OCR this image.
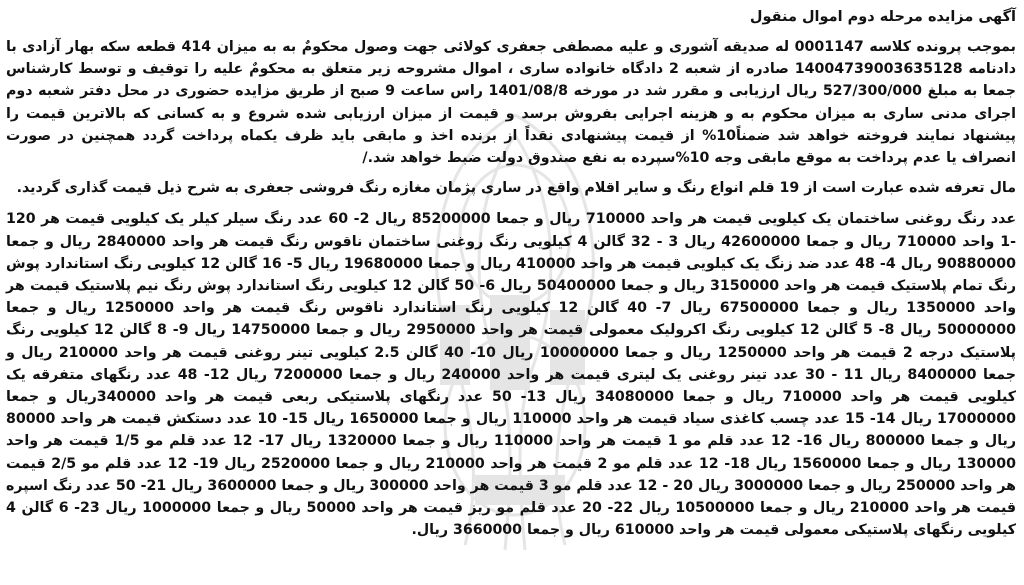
آگهی مزایده مرحله دوم اموال منقول

بموجب پرونده کلاسه 0001147 له صدیقه آشوری و علیه مصطفی جعفری کولائی جهت وصول محکومٌ به به میزان 414 قطعه سکه بهار آزادی با دادنامه 14004739003635128 صادره از شعبه 2 دادگاه خانواده ساری ، اموال مشروحه زیر متعلق به محکومٌ علیه را توقیف و توسط کارشناس جمعا به مبلغ 527/300/000 ریال ارزیابی و مقرر شد در مورخه 1401/08/8 راس ساعت 9 صبح از طریق مزایده حضوری در محل دفتر شعبه دوم اجرای مدنی ساری به میزان محکوم به و هزینه اجرایی بفروش برسد و قیمت از میزان ارزیابی شده شروع و به کسانی که بالاترین قیمت را پیشنهاد نمایند فروخته خواهد شد ضمناً10% از قیمت پیشنهادی نقداً از برنده اخذ و مابقی باید ظرف یکماه پرداخت گردد همچنین در صورت انصراف یا عدم پرداخت به موقع مابقی وجه 10%سپرده به نفع صندوق دولت ضبط خواهد شد./

مال تعرفه شده عبارت است از 19 قلم انواع رنگ و سایر اقلام واقع در ساری پژمان مغازه رنگ فروشی جعفری به شرح ذیل قیمت گذاری گردید.

عدد رنگ روغنی ساختمان یک کیلویی قیمت هر واحد 710000 ریال و جمعا 85200000 ریال 2- 60 عدد رنگ سیلر کیلر یک کیلویی قیمت هر 120 -1 واحد 710000 ریال و جمعا 42600000 ریال 3 - 32 گالن 4 کیلویی رنگ روغنی ساختمان ناقوس رنگ قیمت هر واحد 2840000 ریال و جمعا 90880000 ریال 4- 48 عدد ضد زنگ یک کیلویی قیمت هر واحد 410000 ریال و جمعا 19680000 ریال 5- 16 گالن 12 کیلویی رنگ استاندارد پوش رنگ تمام پلاستیک قیمت هر واحد 3150000 ریال و جمعا 50400000 ریال 6- 50 گالن 12 کیلویی رنگ استاندارد پوش رنگ نیم پلاستیک قیمت هر واحد 1350000 ریال و جمعا 67500000 ریال 7- 40 گالن 12 کیلویی رنگ استاندارد ناقوس رنگ قیمت هر واحد 1250000 ریال و جمعا 50000000 ریال 8- 5 گالن 12 کیلویی رنگ اکرولیک معمولی قیمت هر واحد 2950000 ریال و جمعا 14750000 ریال 9- 8 گالن 12 کیلویی رنگ پلاستیک درجه 2 قیمت هر واحد 1250000 ریال و جمعا 10000000 ریال 10- 40 گالن 2.5 کیلویی تینر روغنی قیمت هر واحد 210000 ریال و جمعا 8400000 ریال 11 - 30 عدد تینر روغنی یک لیتری قیمت هر واحد 240000 ریال و جمعا 7200000 ریال 12- 48 عدد رنگهای متفرقه یک کیلویی قیمت هر واحد 710000 ریال و جمعا 34080000 ریال 13- 50 عدد رنگهای پلاستیکی ربعی قیمت هر واحد 340000ریال و جمعا 17000000 ریال 14- 15 عدد چسب کاغذی سیاد قیمت هر واحد 110000 ریال و جمعا 1650000 ریال 15- 10 عدد دستکش قیمت هر واحد 80000 ریال و جمعا 800000 ریال 16- 12 عدد قلم مو 1 قیمت هر واحد 110000 ریال و جمعا 1320000 ریال 17- 12 عدد قلم مو 1/5 قیمت هر واحد 130000 ریال و جمعا 1560000 ریال 18- 12 عدد قلم مو 2 قیمت هر واحد 210000 ریال و جمعا 2520000 ریال 19- 12 عدد قلم مو 2/5 قیمت هر واحد 250000 ریال و جمعا 3000000 ریال 20 - 12 عدد قلم مو 3 قیمت هر واحد 300000 ریال و جمعا 3600000 ریال 21- 50 عدد رنگ اسپره قیمت هر واحد 210000 ریال و جمعا 10500000 ریال 22- 20 عدد قلم مو ریز قیمت هر واحد 50000 ریال و جمعا 1000000 ریال 23- 6 گالن 4 کیلویی رنگهای پلاستیکی معمولی قیمت هر واحد 610000 ریال و جمعا 3660000 ریال.
